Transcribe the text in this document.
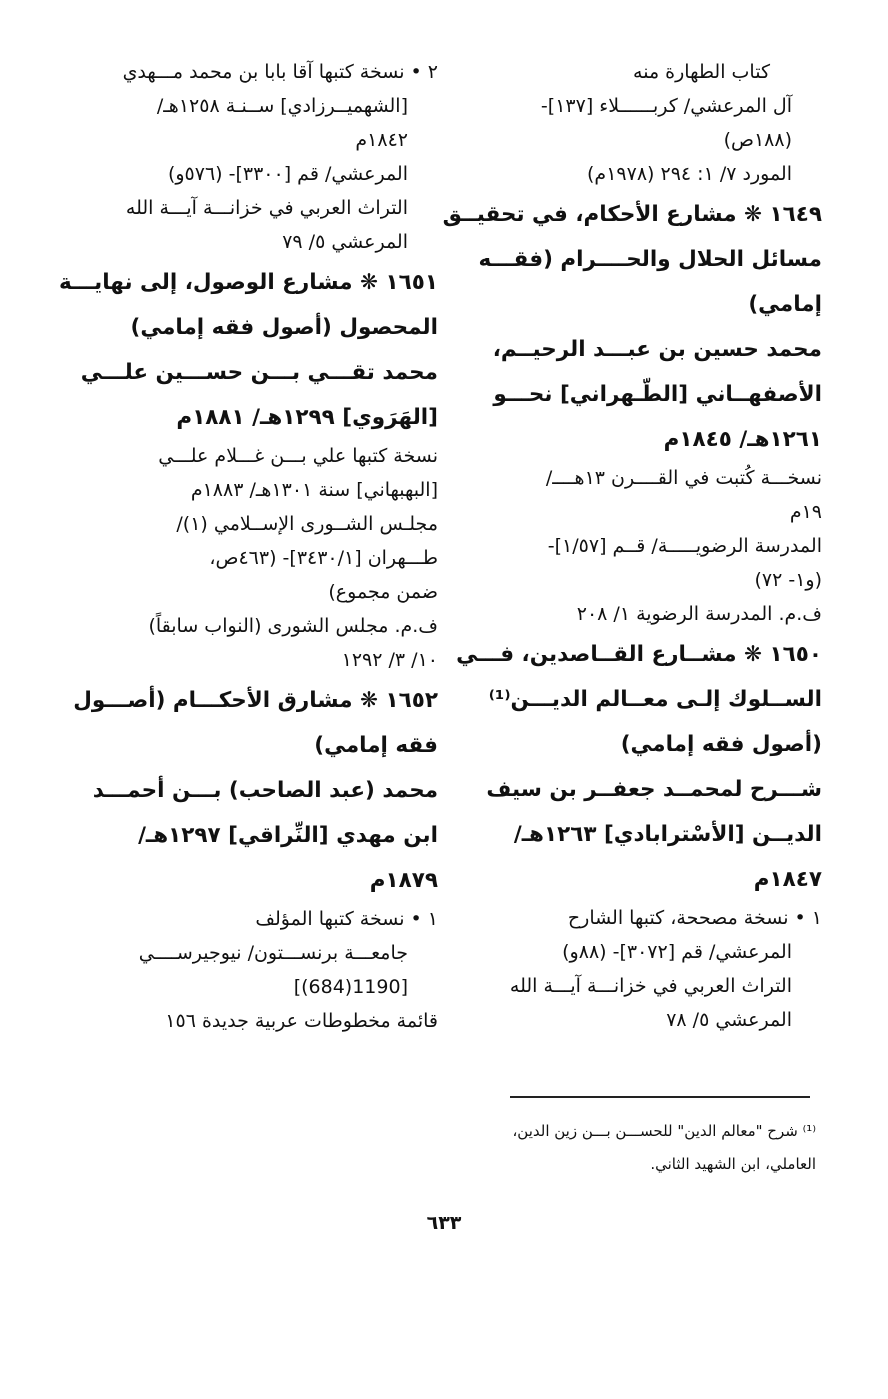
كتاب الطهارة منه
آل المرعشي/ كربــــــلاء [١٣٧]-
(١٨٨ص)
المورد ٧/ ١: ٢٩٤ (١٩٧٨م)
١٦٤٩ ❋ مشارع الأحكام، في تحقيــق
مسائل الحلال والحــــرام (فقـــه
إمامي)
محمد حسين بن عبـــد الرحيــم،
الأصفهــاني [الطّـهراني] نحـــو
١٢٦١هـ/ ١٨٤٥م
نسخـــة كُتبت في القــــرن ١٣هــــ/
١٩م
المدرسة الرضويـــــة/ قــم [١/٥٧]-
(و١- ٧٢)
ف.م. المدرسة الرضوية ١/ ٢٠٨
١٦٥٠ ❋ مشــارع القــاصدين، فـــي
الســلوك إلـى معــالم الديـــن⁽¹⁾
(أصول فقه إمامي)
شـــرح لمحمــد جعفــر بن سيف
الديــن [الأسْترابادي] ١٢٦٣هـ/
١٨٤٧م
١ • نسخة مصححة، كتبها الشارح
المرعشي/ قم [٣٠٧٢]- (٨٨و)
التراث العربي في خزانـــة آيـــة الله
المرعشي ٥/ ٧٨
٢ • نسخة كتبها آقا بابا بن محمد مـــهدي
[الشهميــرزادي] ســنـة ١٢٥٨هـ/
١٨٤٢م
المرعشي/ قم [٣٣٠٠]- (٥٧٦و)
التراث العربي في خزانـــة آيـــة الله
المرعشي ٥/ ٧٩
١٦٥١ ❋ مشارع الوصول، إلى نهايـــة
المحصول (أصول فقه إمامي)
محمد تقـــي بـــن حســـين علـــي
[الهَرَوي] ١٢٩٩هـ/ ١٨٨١م
نسخة كتبها علي بـــن غـــلام علـــي
[البهبهاني] سنة ١٣٠١هـ/ ١٨٨٣م
مجلـس الشــورى الإســلامي (١)/
طـــهران [٣٤٣٠/١]- (٤٦٣ص،
ضمن مجموع)
ف.م. مجلس الشورى (النواب سابقاً)
١٠/ ٣/ ١٢٩٢
١٦٥٢ ❋ مشارق الأحكـــام (أصـــول
فقه إمامي)
محمد (عبد الصاحب) بـــن أحمـــد
ابن مهدي [النِّراقي] ١٢٩٧هـ/
١٨٧٩م
١ • نسخة كتبها المؤلف
جامعـــة برنســـتون/ نيوجيرســــي
[1190(684)]
قائمة مخطوطات عربية جديدة ١٥٦
⁽¹⁾ شرح "معالم الدين" للحســـن بـــن زين الدين،
العاملي، ابن الشهيد الثاني.
٦٣٣
